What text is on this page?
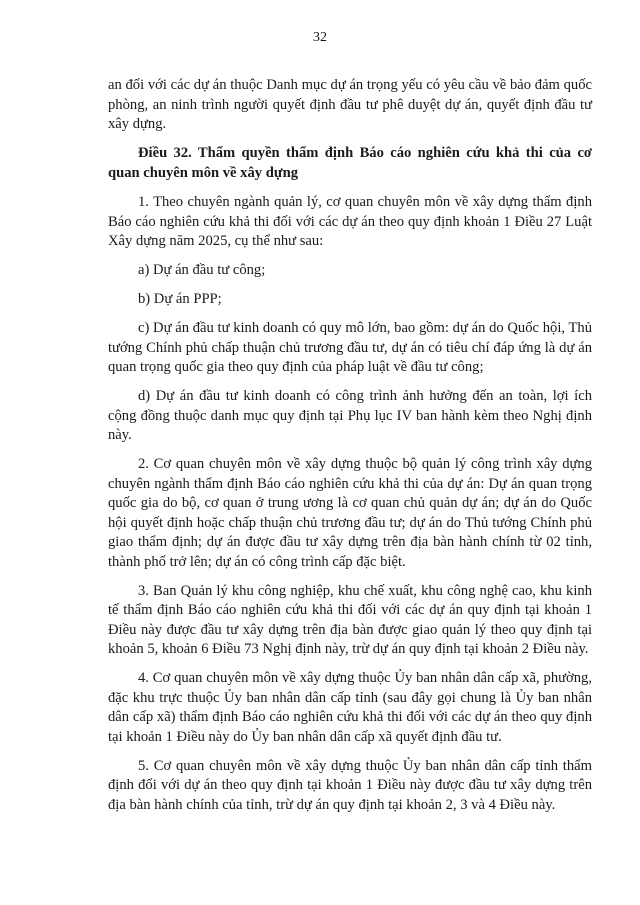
32

an đối với các dự án thuộc Danh mục dự án trọng yếu có yêu cầu về bảo đảm quốc phòng, an ninh trình người quyết định đầu tư phê duyệt dự án, quyết định đầu tư xây dựng.

Điều 32. Thẩm quyền thẩm định Báo cáo nghiên cứu khả thi của cơ quan chuyên môn về xây dựng

1. Theo chuyên ngành quản lý, cơ quan chuyên môn về xây dựng thẩm định Báo cáo nghiên cứu khả thi đối với các dự án theo quy định khoản 1 Điều 27 Luật Xây dựng năm 2025, cụ thể như sau:

a) Dự án đầu tư công;

b) Dự án PPP;

c) Dự án đầu tư kinh doanh có quy mô lớn, bao gồm: dự án do Quốc hội, Thủ tướng Chính phủ chấp thuận chủ trương đầu tư, dự án có tiêu chí đáp ứng là dự án quan trọng quốc gia theo quy định của pháp luật về đầu tư công;

d) Dự án đầu tư kinh doanh có công trình ảnh hưởng đến an toàn, lợi ích cộng đồng thuộc danh mục quy định tại Phụ lục IV ban hành kèm theo Nghị định này.

2. Cơ quan chuyên môn về xây dựng thuộc bộ quản lý công trình xây dựng chuyên ngành thẩm định Báo cáo nghiên cứu khả thi của dự án: Dự án quan trọng quốc gia do bộ, cơ quan ở trung ương là cơ quan chủ quản dự án; dự án do Quốc hội quyết định hoặc chấp thuận chủ trương đầu tư; dự án do Thủ tướng Chính phủ giao thẩm định; dự án được đầu tư xây dựng trên địa bàn hành chính từ 02 tỉnh, thành phố trở lên; dự án có công trình cấp đặc biệt.

3. Ban Quản lý khu công nghiệp, khu chế xuất, khu công nghệ cao, khu kinh tế thẩm định Báo cáo nghiên cứu khả thi đối với các dự án quy định tại khoản 1 Điều này được đầu tư xây dựng trên địa bàn được giao quản lý theo quy định tại khoản 5, khoản 6 Điều 73 Nghị định này, trừ dự án quy định tại khoản 2 Điều này.

4. Cơ quan chuyên môn về xây dựng thuộc Ủy ban nhân dân cấp xã, phường, đặc khu trực thuộc Ủy ban nhân dân cấp tỉnh (sau đây gọi chung là Ủy ban nhân dân cấp xã) thẩm định Báo cáo nghiên cứu khả thi đối với các dự án theo quy định tại khoản 1 Điều này do Ủy ban nhân dân cấp xã quyết định đầu tư.

5. Cơ quan chuyên môn về xây dựng thuộc Ủy ban nhân dân cấp tỉnh thẩm định đối với dự án theo quy định tại khoản 1 Điều này được đầu tư xây dựng trên địa bàn hành chính của tỉnh, trừ dự án quy định tại khoản 2, 3 và 4 Điều này.
